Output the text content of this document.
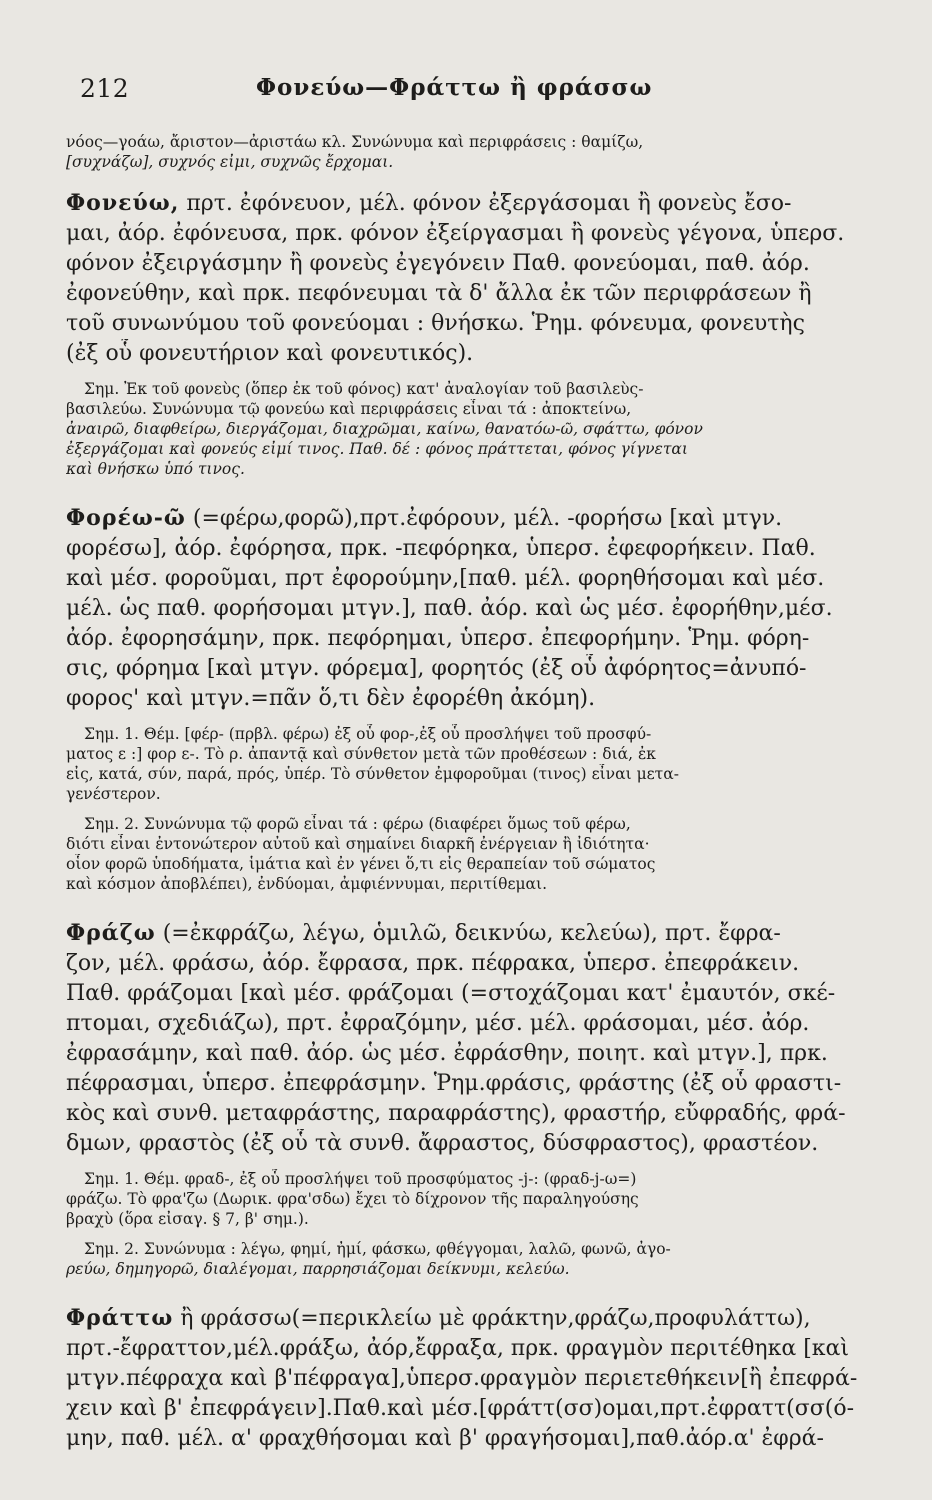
212	Φονεύω—Φράττω ἢ φράσσω
νόος—γοάω, ἄριστον—ἀριστάω κλ. Συνώνυμα καὶ περιφράσεις : θαμίζω,
[συχνάζω], συχνός εἰμι, συχνῶς ἔρχομαι.
Φονεύω, πρτ. ἐφόνευον, μέλ. φόνον ἐξεργάσομαι ἢ φονεὺς ἔσο-
μαι, ἀόρ. ἐφόνευσα, πρκ. φόνον ἐξείργασμαι ἢ φονεὺς γέγονα, ὑπερσ.
φόνον ἐξειργάσμην ἢ φονεὺς ἐγεγόνειν Παθ. φονεύομαι, παθ. ἀόρ.
ἐφονεύθην, καὶ πρκ. πεφόνευμαι τὰ δ' ἄλλα ἐκ τῶν περιφράσεων ἢ
τοῦ συνωνύμου τοῦ φονεύομαι : θνήσκω. Ῥημ. φόνευμα, φονευτὴς
(ἐξ οὗ φονευτήριον καὶ φονευτικός).
Σημ. Ἐκ τοῦ φονεὺς (ὅπερ ἐκ τοῦ φόνος) κατ' ἀναλογίαν τοῦ βασιλεὺς-
βασιλεύω. Συνώνυμα τῷ φονεύω καὶ περιφράσεις εἶναι τά : ἀποκτείνω,
ἀναιρῶ, διαφθείρω, διεργάζομαι, διαχρῶμαι, καίνω, θανατόω-ῶ, σφάττω, φόνον
ἐξεργάζομαι καὶ φονεύς εἰμί τινος. Παθ. δέ : φόνος πράττεται, φόνος γίγνεται
καὶ θνήσκω ὑπό τινος.
Φορέω-ῶ (=φέρω,φορῶ),πρτ.ἐφόρουν, μέλ. -φορήσω [καὶ μτγν.
φορέσω], ἀόρ. ἐφόρησα, πρκ. -πεφόρηκα, ὑπερσ. ἐφεφορήκειν. Παθ.
καὶ μέσ. φοροῦμαι, πρτ ἐφορούμην,[παθ. μέλ. φορηθήσομαι καὶ μέσ.
μέλ. ὡς παθ. φορήσομαι μτγν.], παθ. ἀόρ. καὶ ὡς μέσ. ἐφορήθην,μέσ.
ἀόρ. ἐφορησάμην, πρκ. πεφόρημαι, ὑπερσ. ἐπεφορήμην. Ῥημ. φόρη-
σις, φόρημα [καὶ μτγν. φόρεμα], φορητός (ἐξ οὗ ἀφόρητος=ἀνυπό-
φορος' καὶ μτγν.=πᾶν ὅ,τι δὲν ἐφορέθη ἀκόμη).
Σημ. 1. Θέμ. [φέρ- (πρβλ. φέρω) ἐξ οὗ φορ-,ἐξ οὗ προσλήψει τοῦ προσφύ-
ματος ε :] φορ ε-. Τὸ ρ. ἀπαντᾷ καὶ σύνθετον μετὰ τῶν προθέσεων : διά, ἐκ
εἰς, κατά, σύν, παρά, πρός, ὑπέρ. Τὸ σύνθετον ἐμφοροῦμαι (τινος) εἶναι μετα-
γενέστερον.
Σημ. 2. Συνώνυμα τῷ φορῶ εἶναι τά : φέρω (διαφέρει ὅμως τοῦ φέρω,
διότι εἶναι ἐντονώτερον αὐτοῦ καὶ σημαίνει διαρκῆ ἐνέργειαν ἢ ἰδιότητα·
οἷον φορῶ ὑποδήματα, ἱμάτια καὶ ἐν γένει ὅ,τι εἰς θεραπείαν τοῦ σώματος
καὶ κόσμον ἀποβλέπει), ἐνδύομαι, ἀμφιέννυμαι, περιτίθεμαι.
Φράζω (=ἐκφράζω, λέγω, ὁμιλῶ, δεικνύω, κελεύω), πρτ. ἔφρα-
ζον, μέλ. φράσω, ἀόρ. ἔφρασα, πρκ. πέφρακα, ὑπερσ. ἐπεφράκειν.
Παθ. φράζομαι [καὶ μέσ. φράζομαι (=στοχάζομαι κατ' ἐμαυτόν, σκέ-
πτομαι, σχεδιάζω), πρτ. ἐφραζόμην, μέσ. μέλ. φράσομαι, μέσ. ἀόρ.
ἐφρασάμην, καὶ παθ. ἀόρ. ὡς μέσ. ἐφράσθην, ποιητ. καὶ μτγν.], πρκ.
πέφρασμαι, ὑπερσ. ἐπεφράσμην. Ῥημ.φράσις, φράστης (ἐξ οὗ φραστι-
κὸς καὶ συνθ. μεταφράστης, παραφράστης), φραστήρ, εὔφραδής, φρά-
δμων, φραστὸς (ἐξ οὗ τὰ συνθ. ἄφραστος, δύσφραστος), φραστέον.
Σημ. 1. Θέμ. φραδ-, ἐξ οὗ προσλήψει τοῦ προσφύματος -j-: (φραδ-j-ω=)
φράζω. Τὸ φρα'ζω (Δωρικ. φρα'σδω) ἔχει τὸ δίχρονον τῆς παραληγούσης
βραχὺ (ὅρα εἰσαγ. § 7, β' σημ.).
Σημ. 2. Συνώνυμα : λέγω, φημί, ἠμί, φάσκω, φθέγγομαι, λαλῶ, φωνῶ, ἀγο-
ρεύω, δημηγορῶ, διαλέγομαι, παρρησιάζομαι δείκνυμι, κελεύω.
Φράττω ἢ φράσσω(=περικλείω μὲ φράκτην,φράζω,προφυλάττω),
πρτ.-ἔφραττον,μέλ.φράξω, ἀόρ,ἔφραξα, πρκ. φραγμὸν περιτέθηκα [καὶ
μτγν.πέφραχα καὶ β'πέφραγα],ὑπερσ.φραγμὸν περιετεθήκειν[ἢ ἐπεφρά-
χειν καὶ β' ἐπεφράγειν].Παθ.καὶ μέσ.[φράττ(σσ)ομαι,πρτ.ἐφραττ(σσ(ό-
μην, παθ. μέλ. α' φραχθήσομαι καὶ β' φραγήσομαι],παθ.ἀόρ.α' ἐφρά-
